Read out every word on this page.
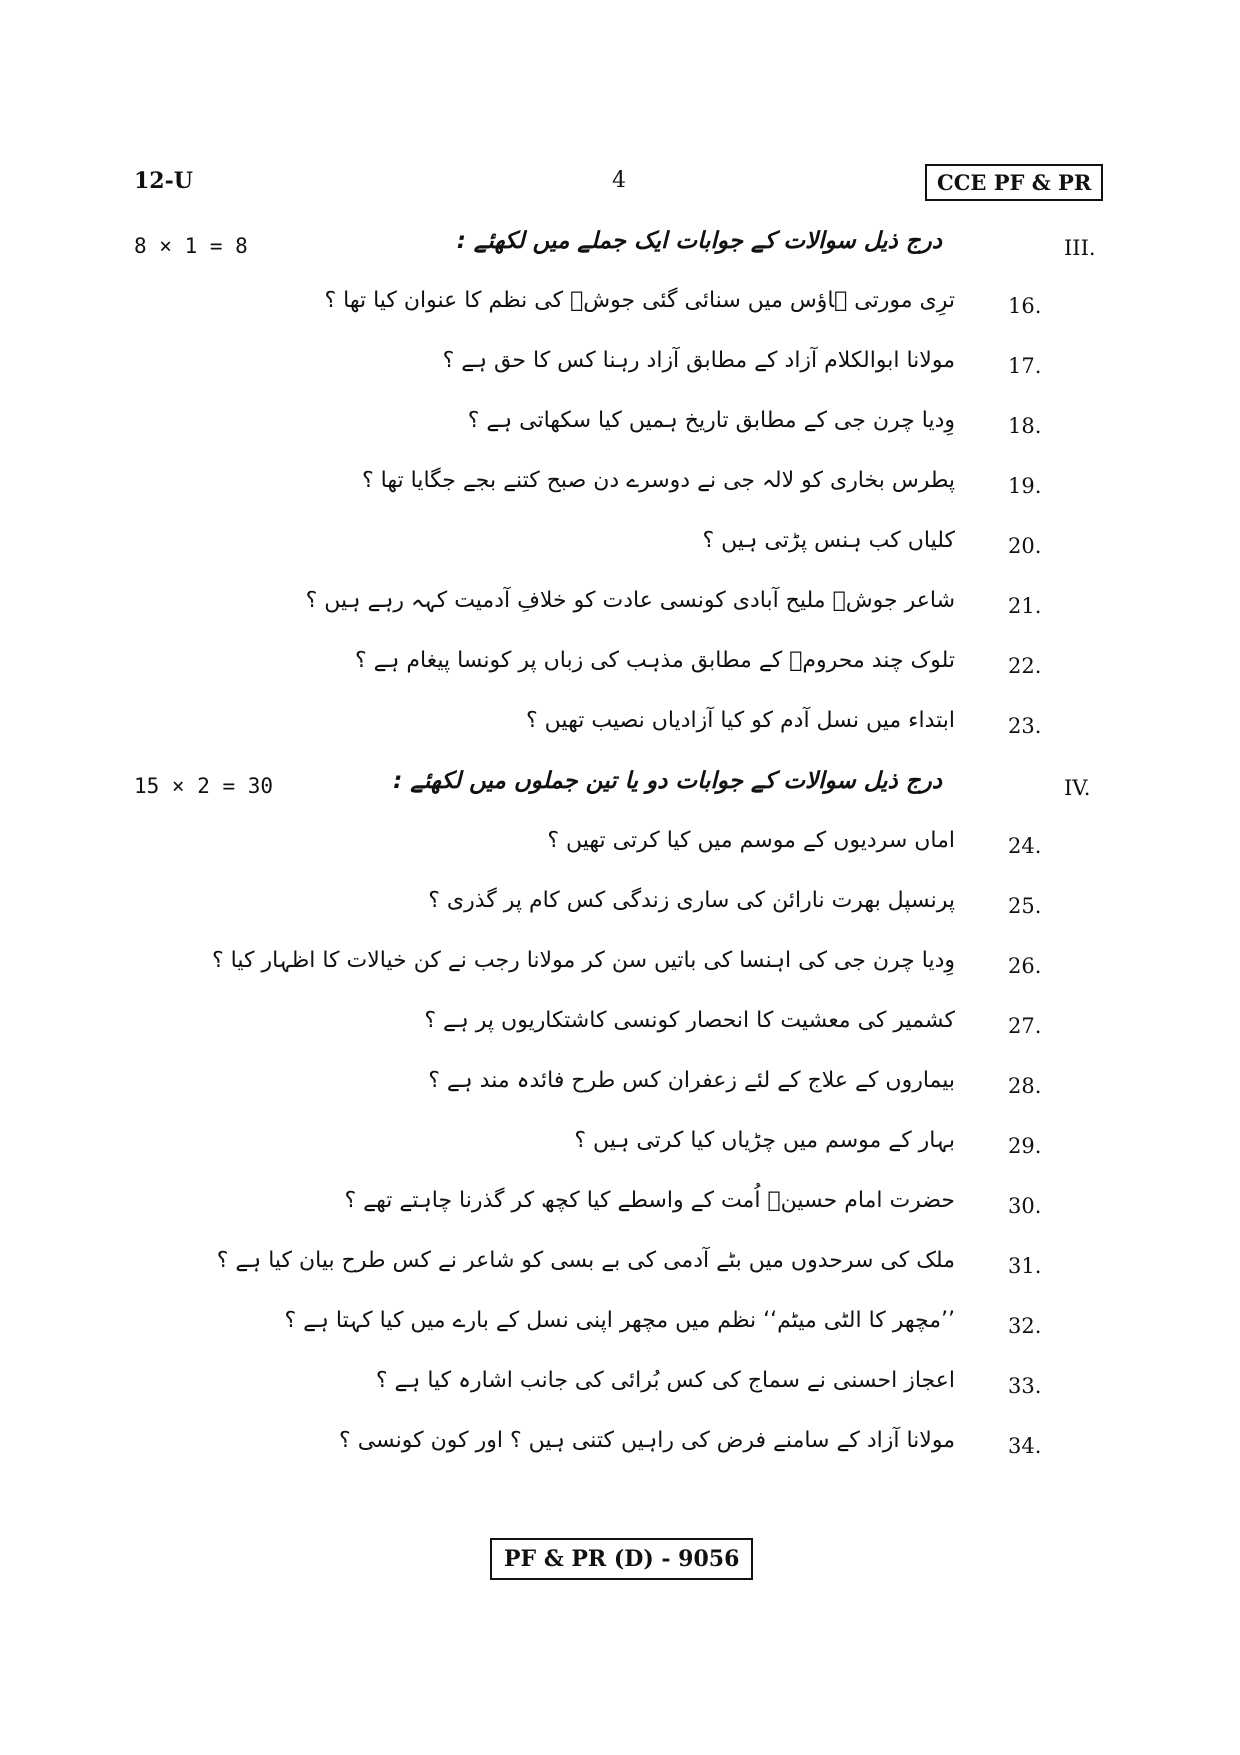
12-U	4	CCE PF & PR
8 × 1 = 8	درج ذیل سوالات کے جوابات ایک جملے میں لکھئے :	III.
16.
ترِی مورتی ہاؤس میں سنائی گئی جوشؔ کی نظم کا عنوان کیا تھا ؟
17.
مولانا ابوالکلام آزاد کے مطابق آزاد رہنا کس کا حق ہے ؟
18.
وِدیا چرن جی کے مطابق تاریخ ہمیں کیا سکھاتی ہے ؟
19.
پطرس بخاری کو لالہ جی نے دوسرے دن صبح کتنے بجے جگایا تھا ؟
20.
کلیاں کب ہنس پڑتی ہیں ؟
21.
شاعر جوشؔ ملیح آبادی کونسی عادت کو خلافِ آدمیت کہہ رہے ہیں ؟
22.
تلوک چند محرومؔ کے مطابق مذہب کی زباں پر کونسا پیغام ہے ؟
23.
ابتداء میں نسل آدم کو کیا آزادیاں نصیب تھیں ؟
15 × 2 = 30	درج ذیل سوالات کے جوابات دو یا تین جملوں میں لکھئے :	IV.
24.
اماں سردیوں کے موسم میں کیا کرتی تھیں ؟
25.
پرنسپل بھرت نارائن کی ساری زندگی کس کام پر گذری ؟
26.
وِدیا چرن جی کی اہنسا کی باتیں سن کر مولانا رجب نے کن خیالات کا اظہار کیا ؟
27.
کشمیر کی معشیت کا انحصار کونسی کاشتکاریوں پر ہے ؟
28.
بیماروں کے علاج کے لئے زعفران کس طرح فائدہ مند ہے ؟
29.
بہار کے موسم میں چڑیاں کیا کرتی ہیں ؟
30.
حضرت امام حسینؓ اُمت کے واسطے کیا کچھ کر گذرنا چاہتے تھے ؟
31.
ملک کی سرحدوں میں بٹے آدمی کی بے بسی کو شاعر نے کس طرح بیان کیا ہے ؟
32.
’’مچھر کا الٹی میٹم‘‘ نظم میں مچھر اپنی نسل کے بارے میں کیا کہتا ہے ؟
33.
اعجاز احسنی نے سماج کی کس بُرائی کی جانب اشارہ کیا ہے ؟
34.
مولانا آزاد کے سامنے فرض کی راہیں کتنی ہیں ؟ اور کون کونسی ؟
PF & PR (D) - 9056
